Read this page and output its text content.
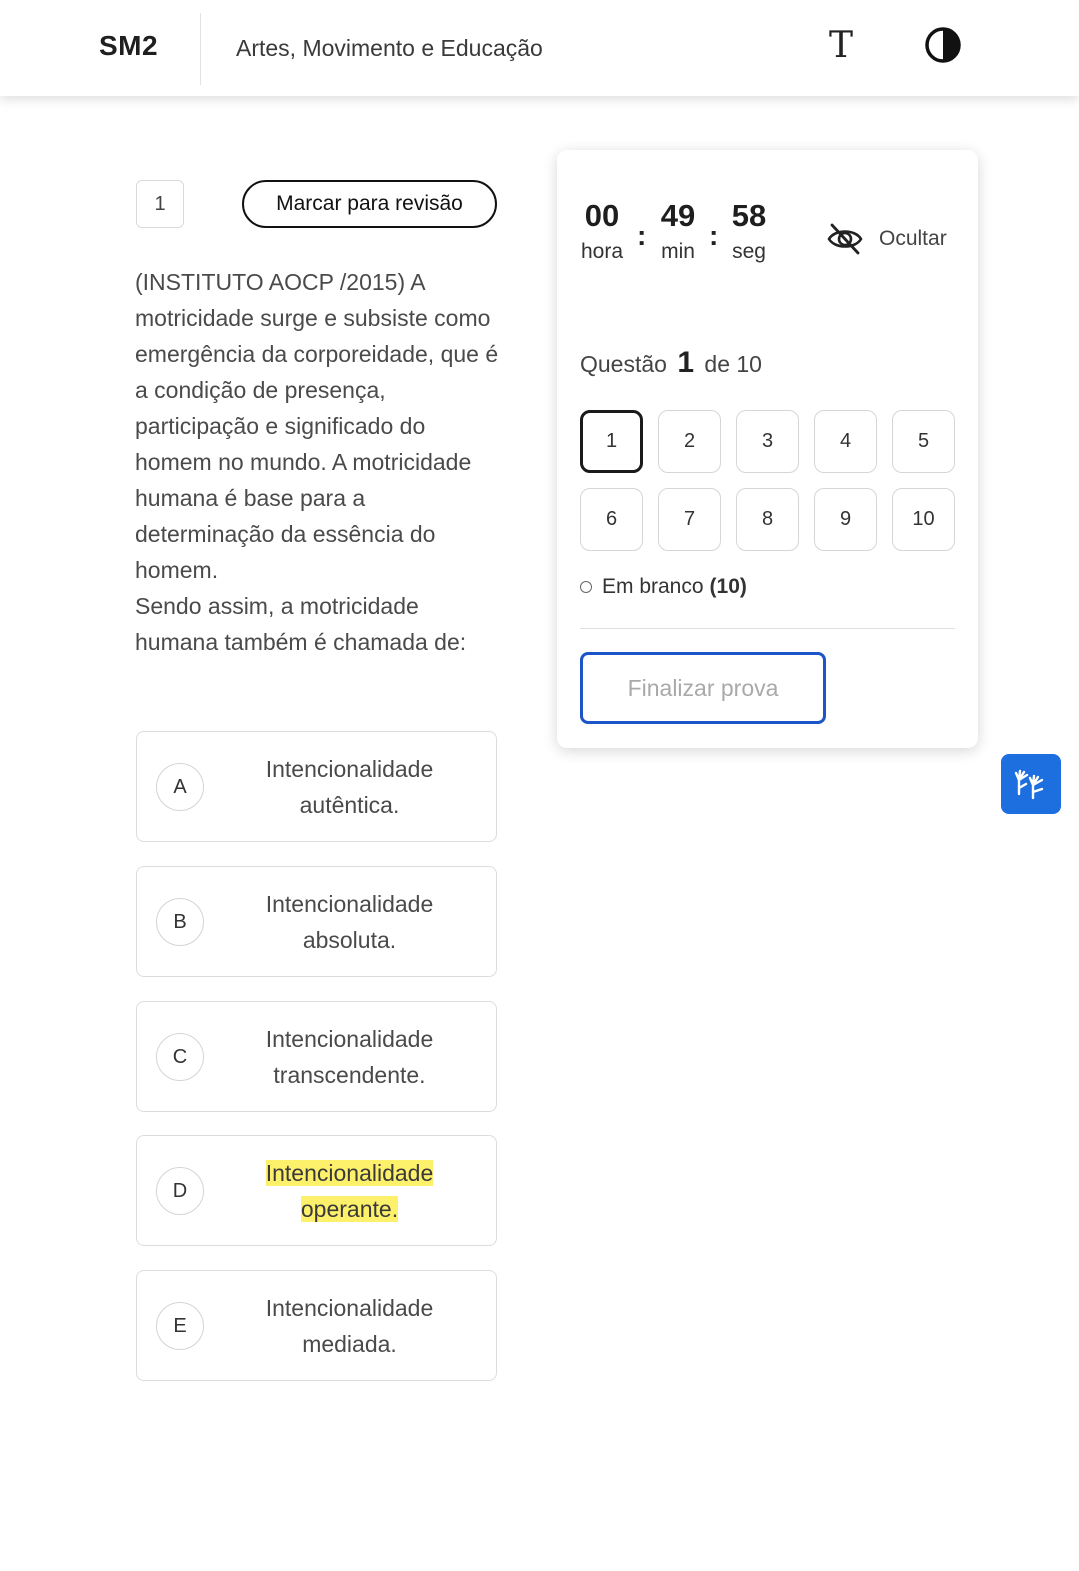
SM2	Artes, Movimento e Educação	T
1	Marcar para revisão

(INSTITUTO AOCP /2015) A motricidade surge e subsiste como emergência da corporeidade, que é a condição de presença, participação e significado do homem no mundo. A motricidade humana é base para a determinação da essência do homem.

Sendo assim, a motricidade humana também é chamada de:

A
Intencionalidade
autêntica.
B
Intencionalidade
absoluta.
C
Intencionalidade
transcendente.
D
Intencionalidade
operante.
E
Intencionalidade
mediada.
00
hora
:
49
min
:
58
seg
Ocultar
Questão 1 de 10
1	2	3	4	5
6	7	8	9	10
Em branco (10)
Finalizar prova
